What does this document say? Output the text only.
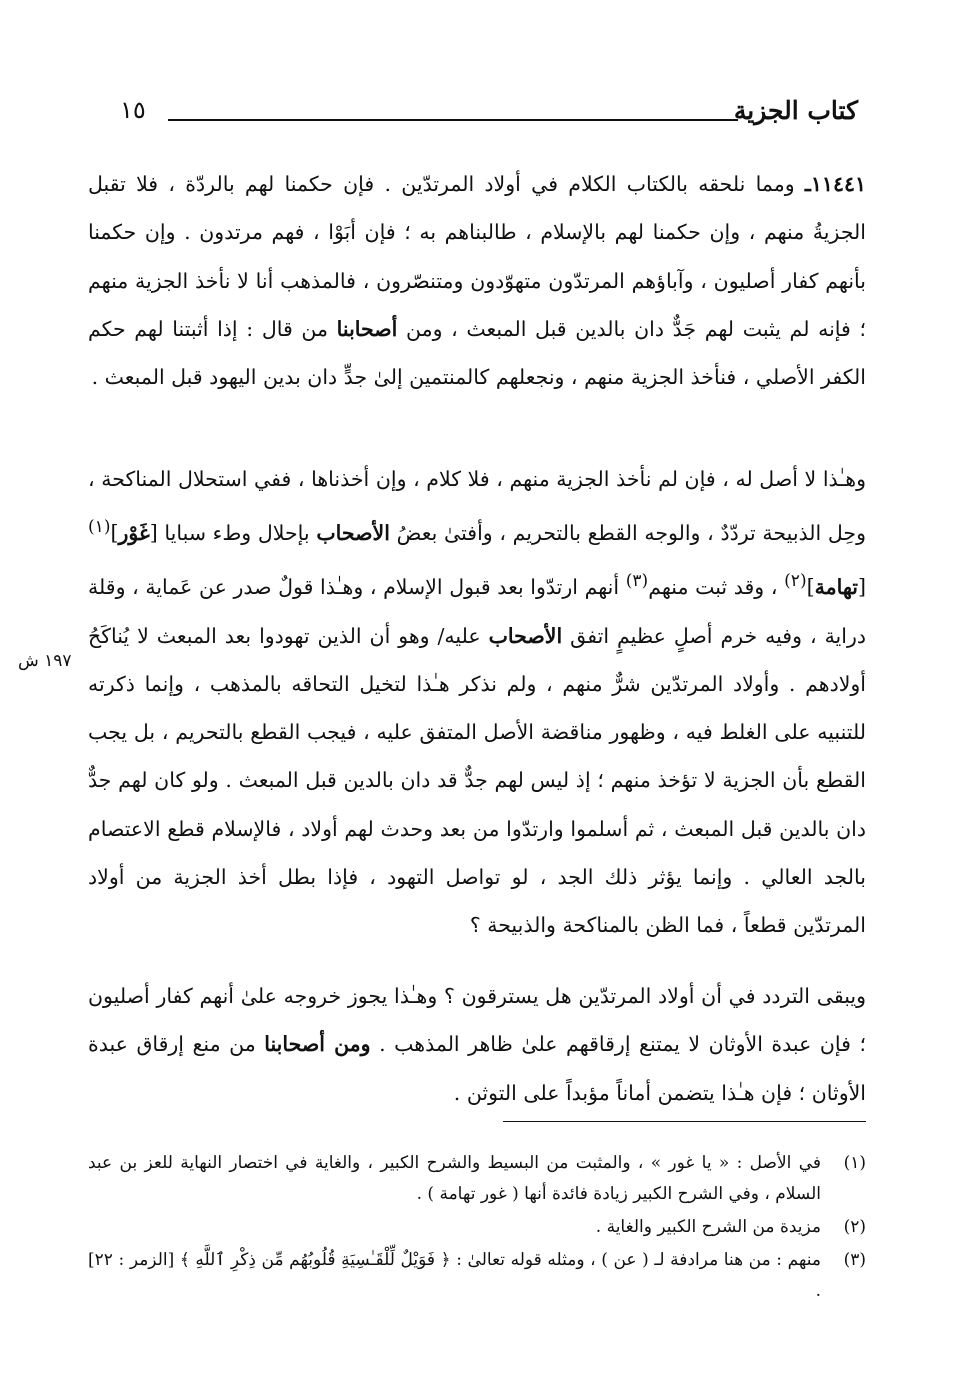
كتاب الجزية
١٥
١٩٧ ش

١١٤٤١ـ ومما نلحقه بالكتاب الكلام في أولاد المرتدّين . فإن حكمنا لهم بالردّة ، فلا تقبل الجزيةُ منهم ، وإن حكمنا لهم بالإسلام ، طالبناهم به ؛ فإن أبَوْا ، فهم مرتدون . وإن حكمنا بأنهم كفار أصليون ، وآباؤهم المرتدّون متهوّدون ومتنصّرون ، فالمذهب أنا لا نأخذ الجزية منهم ؛ فإنه لم يثبت لهم جَدٌّ دان بالدين قبل المبعث ، ومن أصحابنا من قال : إذا أثبتنا لهم حكم الكفر الأصلي ، فنأخذ الجزية منهم ، ونجعلهم كالمنتمين إلىٰ جدٍّ دان بدين اليهود قبل المبعث .

وهـٰذا لا أصل له ، فإن لم نأخذ الجزية منهم ، فلا كلام ، وإن أخذناها ، ففي استحلال المناكحة ، وحِل الذبيحة تردّدٌ ، والوجه القطع بالتحريم ، وأفتىٰ بعضُ الأصحاب بإحلال وطء سبايا [غَوْر]$^{(١)}$ [تهامة]$^{(٢)}$ ، وقد ثبت منهم$^{(٣)}$ أنهم ارتدّوا بعد قبول الإسلام ، وهـٰذا قولٌ صدر عن عَماية ، وقلة دراية ، وفيه خرم أصلٍ عظيمٍ اتفق الأصحاب عليه/ وهو أن الذين تهودوا بعد المبعث لا يُناكَحُ أولادهم . وأولاد المرتدّين شرٌّ منهم ، ولم نذكر هـٰذا لتخيل التحاقه بالمذهب ، وإنما ذكرته للتنبيه على الغلط فيه ، وظهور مناقضة الأصل المتفق عليه ، فيجب القطع بالتحريم ، بل يجب القطع بأن الجزية لا تؤخذ منهم ؛ إذ ليس لهم جدٌّ قد دان بالدين قبل المبعث . ولو كان لهم جدٌّ دان بالدين قبل المبعث ، ثم أسلموا وارتدّوا من بعد وحدث لهم أولاد ، فالإسلام قطع الاعتصام بالجد العالي . وإنما يؤثر ذلك الجد ، لو تواصل التهود ، فإذا بطل أخذ الجزية من أولاد المرتدّين قطعاً ، فما الظن بالمناكحة والذبيحة ؟

ويبقى التردد في أن أولاد المرتدّين هل يسترقون ؟ وهـٰذا يجوز خروجه علىٰ أنهم كفار أصليون ؛ فإن عبدة الأوثان لا يمتنع إرقاقهم علىٰ ظاهر المذهب . ومن أصحابنا من منع إرقاق عبدة الأوثان ؛ فإن هـٰذا يتضمن أماناً مؤبداً على التوثن .

(١)
في الأصل : « يا غور » ، والمثبت من البسيط والشرح الكبير ، والغاية في اختصار النهاية للعز بن عبد السلام ، وفي الشرح الكبير زيادة فائدة أنها ( غور تهامة ) .
(٢)
مزيدة من الشرح الكبير والغاية .
(٣)
منهم : من هنا مرادفة لـ ( عن ) ، ومثله قوله تعالىٰ : ﴿ فَوَيْلٌ لِّلْقَـٰسِيَةِ قُلُوبُهُم مِّن ذِكْرِ ٱللَّهِ ﴾ [الزمر : ٢٢] .
